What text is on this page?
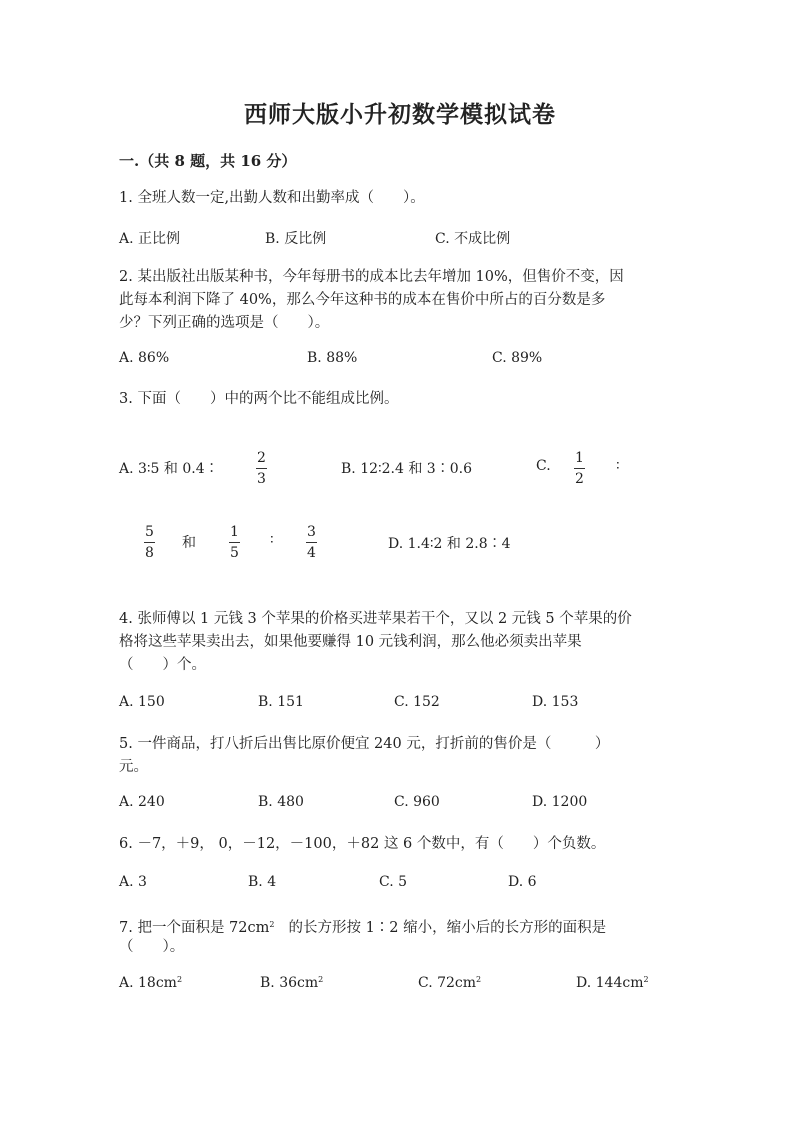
西师大版小升初数学模拟试卷
一.（共 8 题，共 16 分）
1. 全班人数一定,出勤人数和出勤率成（　　）。
A. 正比例	B. 反比例	C. 不成比例
2. 某出版社出版某种书，今年每册书的成本比去年增加 10%，但售价不变，因
此每本利润下降了 40%，那么今年这种书的成本在售价中所占的百分数是多
少？下列正确的选项是（　　）。
A. 86%	B. 88%	C. 89%
3. 下面（　　）中的两个比不能组成比例。
A. 3∶5 和 0.4∶
2
3
B. 12∶2.4 和 3∶0.6	C. 1
2
∶
5
8
和
1
5
∶ 3
4
D. 1.4∶2 和 2.8∶4
4. 张师傅以 1 元钱 3 个苹果的价格买进苹果若干个，又以 2 元钱 5 个苹果的价
格将这些苹果卖出去，如果他要赚得 10 元钱利润，那么他必须卖出苹果
（　　）个。
A. 150	B. 151	C. 152	D. 153
5. 一件商品，打八折后出售比原价便宜 240 元，打折前的售价是（　　　）
元。
A. 240	B. 480	C. 960	D. 1200
6. －7，＋9， 0，－12，－100，＋82 这 6 个数中，有（　　）个负数。
A. 3	B. 4	C. 5	D. 6
7. 把一个面积是 $72cm^2$ 的长方形按 1∶2 缩小，缩小后的长方形的面积是
（　　）。
A. $18cm^2$	B. $36cm^2$	C. $72cm^2$	D. $144cm^2$
